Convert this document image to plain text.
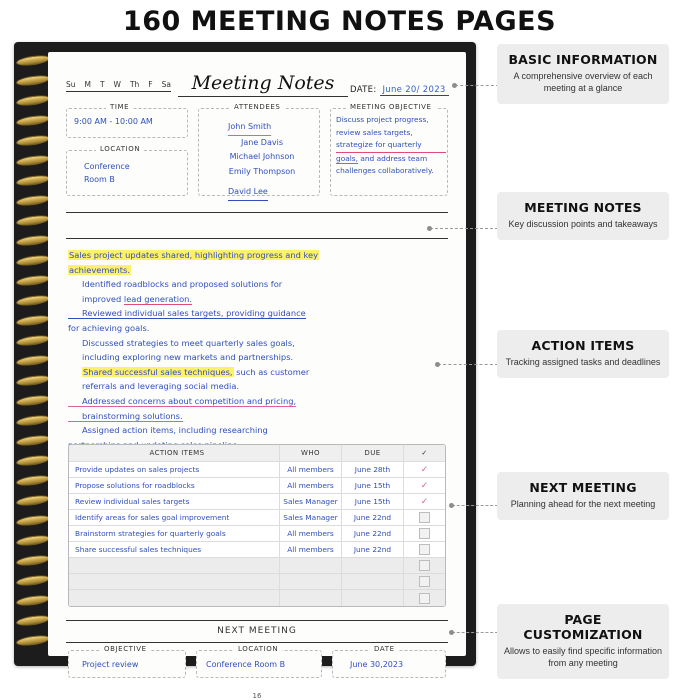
160 MEETING NOTES PAGES
Su M T W Th F Sa	Meeting Notes	DATE: June 20/ 2023
TIME
9:00 AM - 10:00 AM
LOCATION
Conference
Room B
ATTENDEES
John Smith
Jane Davis
Michael Johnson
Emily Thompson
David Lee
MEETING OBJECTIVE
Discuss project progress,
review sales targets,
strategize for quarterly
goals, and address team
challenges collaboratively.
Sales project updates shared, highlighting progress and key
achievements.
Identified roadblocks and proposed solutions for
improved lead generation.
Reviewed individual sales targets, providing guidance
for achieving goals.
Discussed strategies to meet quarterly sales goals,
including exploring new markets and partnerships.
Shared successful sales techniques, such as customer
referrals and leveraging social media.
Addressed concerns about competition and pricing,
brainstorming solutions.
Assigned action items, including researching
ACTION ITEMS	WHO	DUE	✓
Provide updates on sales projects	All members	June 28th	✓
Propose solutions for roadblocks	All members	June 15th	✓
Review individual sales targets	Sales Manager	June 15th	✓
Identify areas for sales goal improvement	Sales Manager	June 22nd
Brainstorm strategies for quarterly goals	All members	June 22nd
Share successful sales techniques	All members	June 22nd
NEXT MEETING
OBJECTIVE
Project review
LOCATION
Conference Room B
DATE
June 30,2023
16
BASIC INFORMATION

A comprehensive overview of each meeting at a glance

MEETING NOTES

Key discussion points and takeaways

ACTION ITEMS

Tracking assigned tasks and deadlines

NEXT MEETING

Planning ahead for the next meeting

PAGE CUSTOMIZATION

Allows to easily find specific information from any meeting
